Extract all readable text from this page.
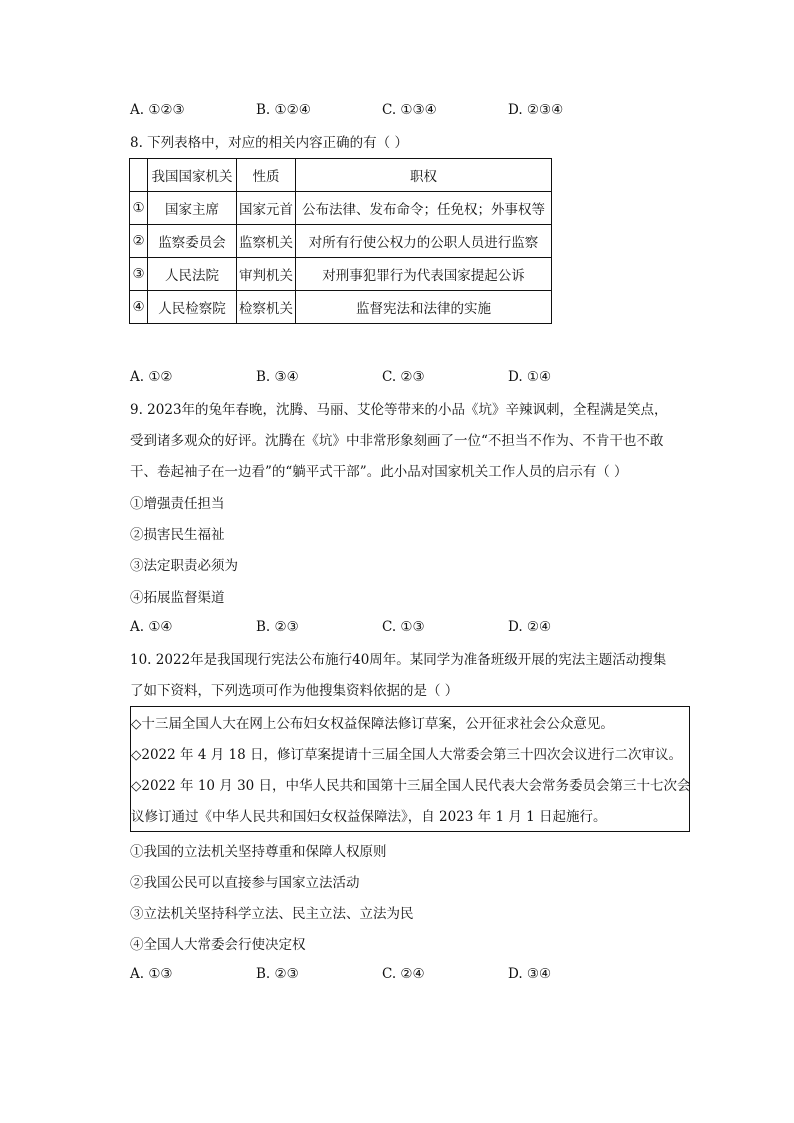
A. ①②③	B. ①②④	C. ①③④	D. ②③④
8. 下列表格中，对应的相关内容正确的有（ ）
	我国国家机关	性质	职权
①	国家主席	国家元首	公布法律、发布命令；任免权；外事权等
②	监察委员会	监察机关	对所有行使公权力的公职人员进行监察
③	人民法院	审判机关	对刑事犯罪行为代表国家提起公诉
④	人民检察院	检察机关	监督宪法和法律的实施
A. ①②	B. ③④	C. ②③	D. ①④
9. 2023年的兔年春晚，沈腾、马丽、艾伦等带来的小品《坑》辛辣讽刺，全程满是笑点，
受到诸多观众的好评。沈腾在《坑》中非常形象刻画了一位“不担当不作为、不肯干也不敢
干、卷起袖子在一边看”的“躺平式干部”。此小品对国家机关工作人员的启示有（ ）
①增强责任担当
②损害民生福祉
③法定职责必须为
④拓展监督渠道
A. ①④	B. ②③	C. ①③	D. ②④
10. 2022年是我国现行宪法公布施行40周年。某同学为准备班级开展的宪法主题活动搜集
了如下资料，下列选项可作为他搜集资料依据的是（ ）
◇十三届全国人大在网上公布妇女权益保障法修订草案，公开征求社会公众意见。
◇2022 年 4 月 18 日，修订草案提请十三届全国人大常委会第三十四次会议进行二次审议。
◇2022 年 10 月 30 日，中华人民共和国第十三届全国人民代表大会常务委员会第三十七次会
议修订通过《中华人民共和国妇女权益保障法》，自 2023 年 1 月 1 日起施行。
①我国的立法机关坚持尊重和保障人权原则
②我国公民可以直接参与国家立法活动
③立法机关坚持科学立法、民主立法、立法为民
④全国人大常委会行使决定权
A. ①③	B. ②③	C. ②④	D. ③④
